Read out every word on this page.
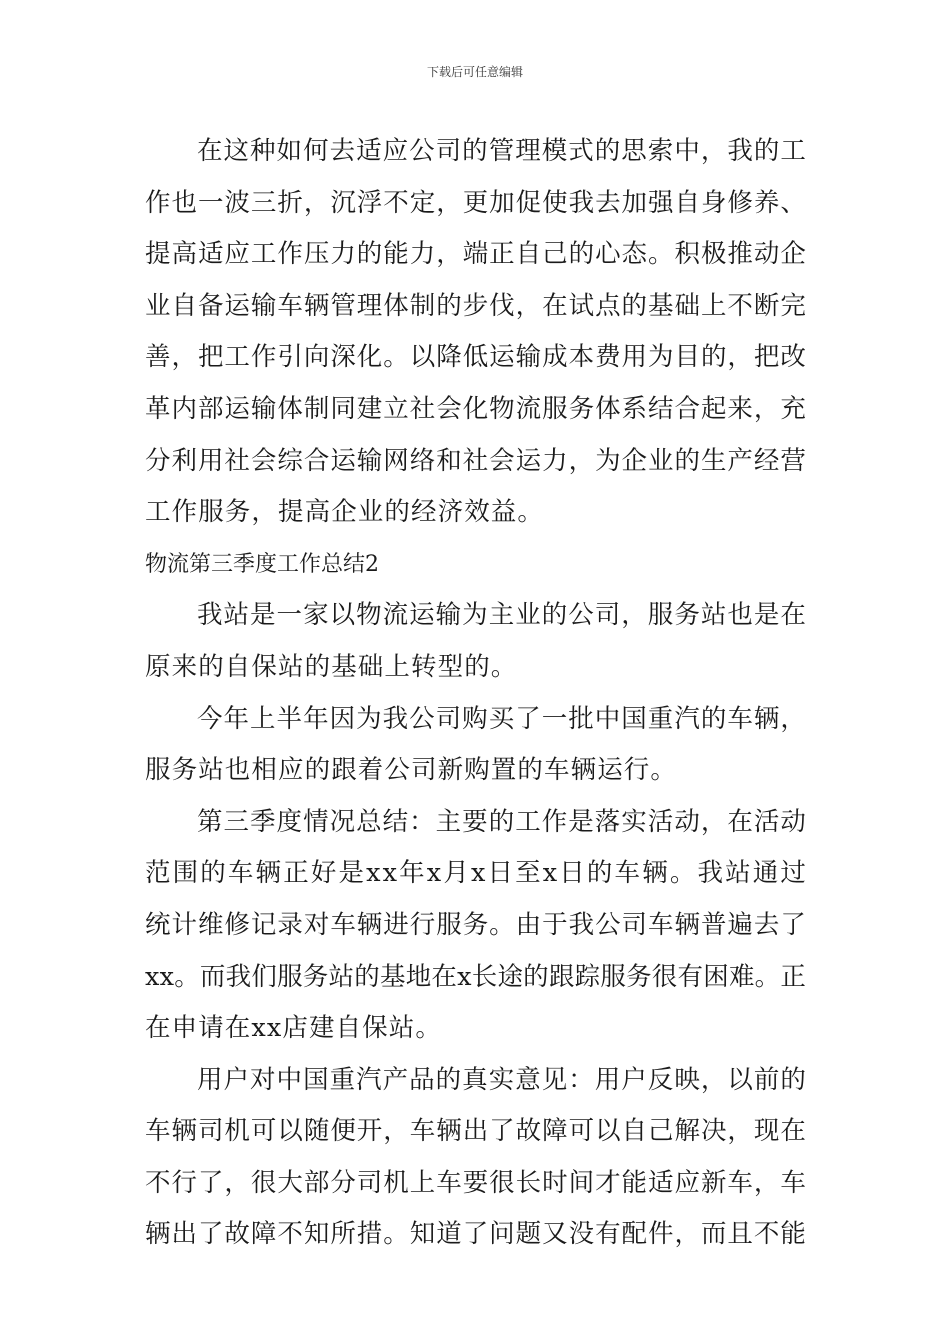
下载后可任意编辑
在这种如何去适应公司的管理模式的思索中，我的工
作也一波三折，沉浮不定，更加促使我去加强自身修养、
提高适应工作压力的能力，端正自己的心态。积极推动企
业自备运输车辆管理体制的步伐，在试点的基础上不断完
善，把工作引向深化。以降低运输成本费用为目的，把改
革内部运输体制同建立社会化物流服务体系结合起来，充
分利用社会综合运输网络和社会运力，为企业的生产经营
工作服务，提高企业的经济效益。
物流第三季度工作总结2
我站是一家以物流运输为主业的公司，服务站也是在
原来的自保站的基础上转型的。
今年上半年因为我公司购买了一批中国重汽的车辆，
服务站也相应的跟着公司新购置的车辆运行。
第三季度情况总结：主要的工作是落实活动，在活动
范围的车辆正好是xx年x月x日至x日的车辆。我站通过
统计维修记录对车辆进行服务。由于我公司车辆普遍去了
xx。而我们服务站的基地在x长途的跟踪服务很有困难。正
在申请在xx店建自保站。
用户对中国重汽产品的真实意见：用户反映，以前的
车辆司机可以随便开，车辆出了故障可以自己解决，现在
不行了，很大部分司机上车要很长时间才能适应新车，车
辆出了故障不知所措。知道了问题又没有配件，而且不能
